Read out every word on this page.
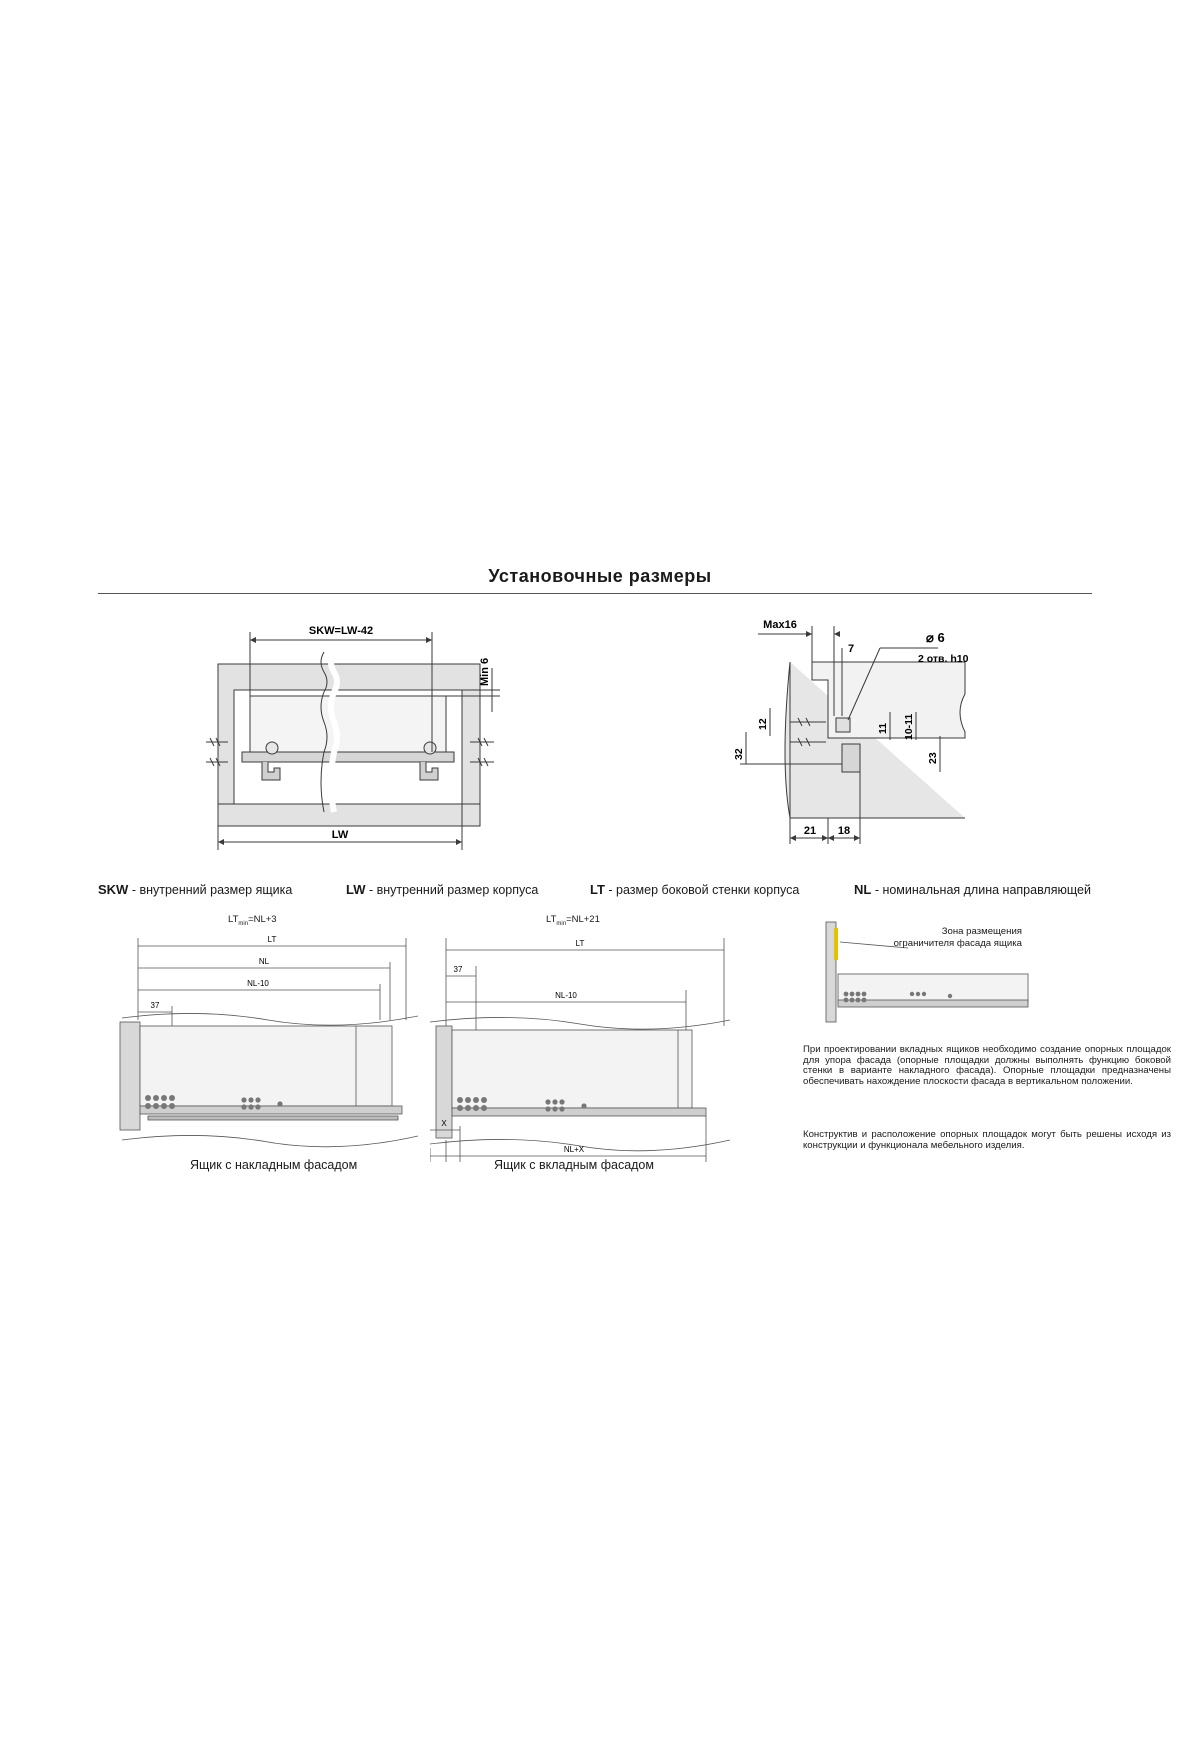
Установочные размеры
SKW=LW-42
LW
Min 6
Max16
7
⌀ 6
2 отв. h10
12
32
11 10-11
23
21 18
SKW - внутренний размер ящика	LW - внутренний размер корпуса	LT - размер боковой стенки корпуса	NL - номинальная длина направляющей
$LT_{min}=NL+3$
LT
NL
NL-10
37
Ящик с накладным фасадом
$LT_{min}=NL+21$
LT
37
NL-10
X
NL+X
Ящик с вкладным фасадом
Зона размещения
ограничителя фасада ящика
При проектировании вкладных ящиков необходимо создание опорных площадок для упора фасада (опорные площадки должны выполнять функцию боковой стенки в варианте накладного фасада). Опорные площадки предназначены обеспечивать нахождение плоскости фасада в вертикальном положении.
Конструктив и расположение опорных площадок могут быть решены исходя из конструкции и функционала мебельного изделия.
